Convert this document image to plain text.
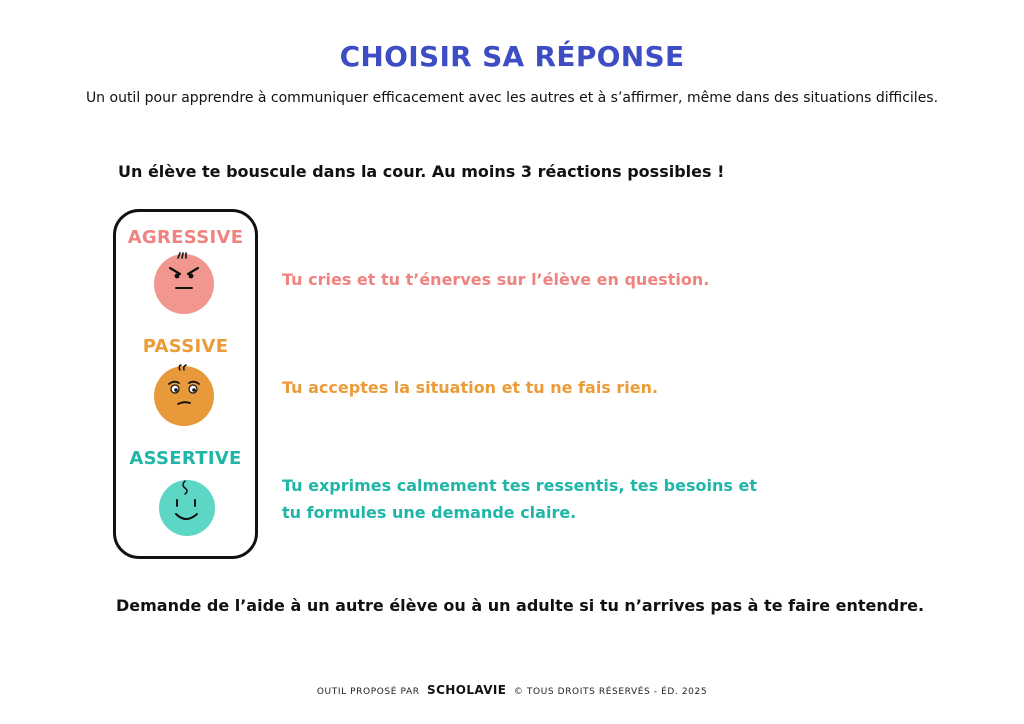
CHOISIR SA RÉPONSE

Un outil pour apprendre à communiquer efficacement avec les autres et à s’affirmer, même dans des situations difficiles.

Un élève te bouscule dans la cour. Au moins 3 réactions possibles !

AGRESSIVE
Tu cries et tu t’énerves sur l’élève en question.
PASSIVE
Tu acceptes la situation et tu ne fais rien.
ASSERTIVE
Tu exprimes calmement tes ressentis, tes besoins et
tu formules une demande claire.

Demande de l’aide à un autre élève ou à un adulte si tu n’arrives pas à te faire entendre.

OUTIL PROPOSÉ PAR SCHOLAVIE © TOUS DROITS RÉSERVÉS - ÉD. 2025
